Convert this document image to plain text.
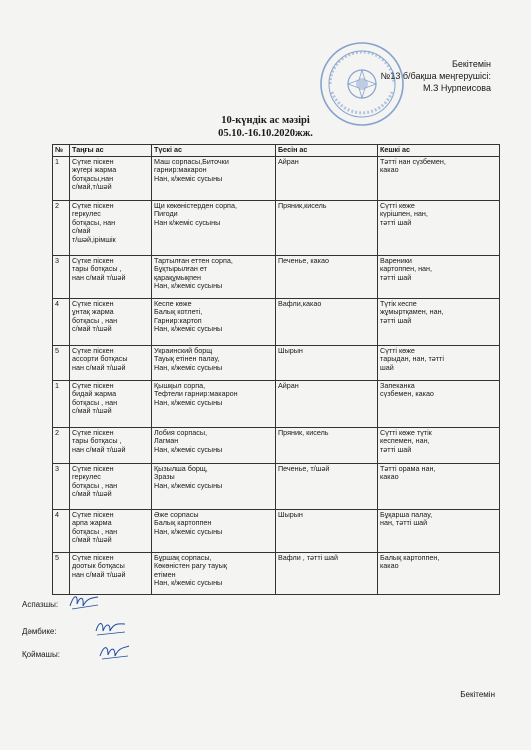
Бекітемін
№13 б/бақша меңгерушісі:
М.З Нурпеисова
10-күндік ас мәзірі
05.10.-16.10.2020жж.
№	Таңғы ас	Түскі ас	Бесін ас	Кешкі ас
1	Сүтке піскен
жүгері жарма
ботқасы,нан
с/май,т/шәй	Маш сорпасы,Биточки
гарнир:макарон
Нан, к/жеміс сусыны	Айран	Тәтті нан сүзбемен,
какао

2	Сүтке піскен
геркулес
ботқасы, нан
с/май
т/шәй,ірімшік	Щи көкөністерден сорпа,
Пигоди
Нан к/жеміс сусыны	Пряник,кисель	Сүтті көже
күрішпен, нан,
тәтті шай

3	Сүтке піскен
тары ботқасы ,
нан с/май т/шәй	Тартылған еттен сорпа,
Бұқтырылған ет
қарақұмықпен
Нан, к/жеміс сусыны	Печенье, какао	Вареники
картоппен, нан,
тәтті шай

4	Сүтке піскен
ұнтақ жарма
ботқасы , нан
с/май т/шәй	Кеспе көже
Балық котлеті,
Гарнир:картоп
Нан, к/жеміс сусыны	Вафли,какао	Түтік кеспе
жұмыртқамен, нан,
тәтті шай

5	Сүтке піскен
ассорти ботқасы
нан с/май т/шәй	Украинский борщ
Тауық етінен палау,
Нан, к/жеміс сусыны	Шырын	Сүтті көже
тарыдан, нан, тәтті
шай

1	Сүтке піскен
бидай жарма
ботқасы , нан
с/май т/шәй	Қышқыл сорпа,
Тефтели гарнир:макарон
Нан, к/жеміс сусыны	Айран	Запеканка
сүзбемен, какао

2	Сүтке піскен
тары ботқасы ,
нан с/май т/шәй	Лобия сорпасы,
Лагман
Нан, к/жеміс сусыны	Пряник, кисель	Сүтті көже түтік
кеспемен, нан,
тәтті шай

3	Сүтке піскен
геркулес
ботқасы , нан
с/май т/шәй	Қызылша борщ,
Зразы
Нан, к/жеміс сусыны	Печенье, т/шәй	Тәтті орама нан,
какао

4	Сүтке піскен
арпа жарма
ботқасы , нан
с/май т/шәй	Әже сорпасы
Балық картоппен
Нан, к/жеміс сусыны	Шырын	Бұқарша палау,
нан, тәтті шай

5	Сүтке піскен
доотык ботқасы
нан с/май т/шәй	Бұршақ сорпасы,
Көкөністен рагу тауық
етімен
Нан, к/жеміс сусыны	Вафли , тәтті шай	Балық картоппен,
какао
Аспазшы:
Дәмбике:
Қоймашы:
Бекітемін
